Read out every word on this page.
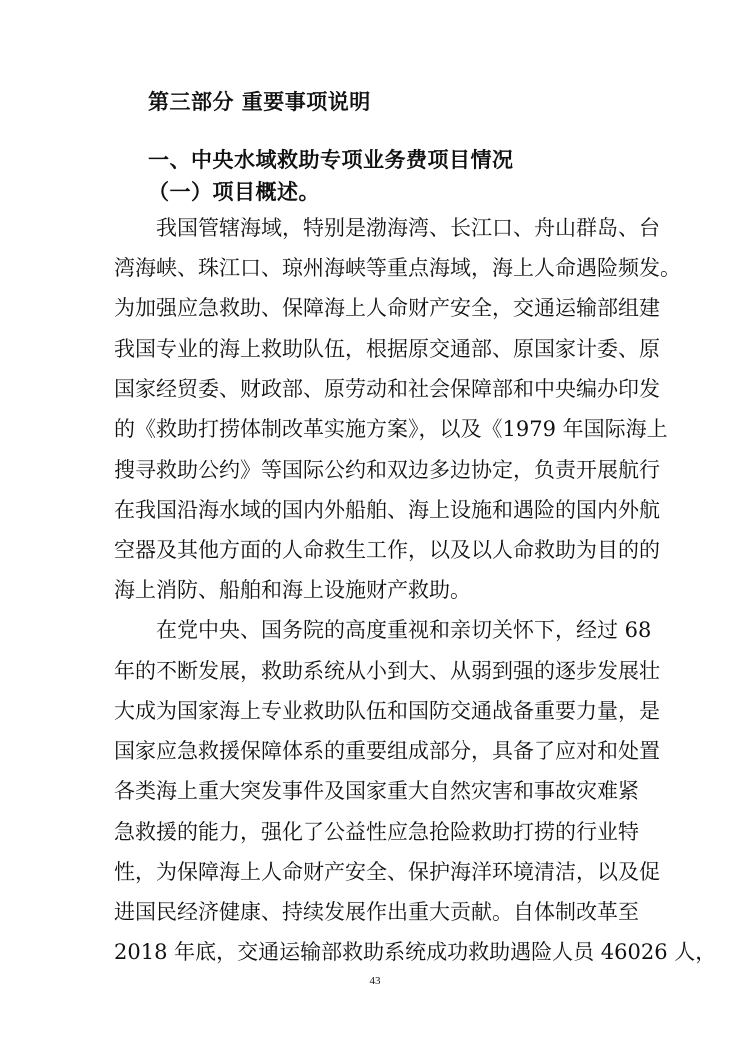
第三部分 重要事项说明
一、中央水域救助专项业务费项目情况
（一）项目概述。
我国管辖海域，特别是渤海湾、长江口、舟山群岛、台
湾海峡、珠江口、琼州海峡等重点海域，海上人命遇险频发。
为加强应急救助、保障海上人命财产安全，交通运输部组建
我国专业的海上救助队伍，根据原交通部、原国家计委、原
国家经贸委、财政部、原劳动和社会保障部和中央编办印发
的《救助打捞体制改革实施方案》，以及《1979 年国际海上
搜寻救助公约》等国际公约和双边多边协定，负责开展航行
在我国沿海水域的国内外船舶、海上设施和遇险的国内外航
空器及其他方面的人命救生工作，以及以人命救助为目的的
海上消防、船舶和海上设施财产救助。
在党中央、国务院的高度重视和亲切关怀下，经过 68
年的不断发展，救助系统从小到大、从弱到强的逐步发展壮
大成为国家海上专业救助队伍和国防交通战备重要力量，是
国家应急救援保障体系的重要组成部分，具备了应对和处置
各类海上重大突发事件及国家重大自然灾害和事故灾难紧
急救援的能力，强化了公益性应急抢险救助打捞的行业特
性，为保障海上人命财产安全、保护海洋环境清洁，以及促
进国民经济健康、持续发展作出重大贡献。自体制改革至
2018 年底，交通运输部救助系统成功救助遇险人员 46026 人，
43
